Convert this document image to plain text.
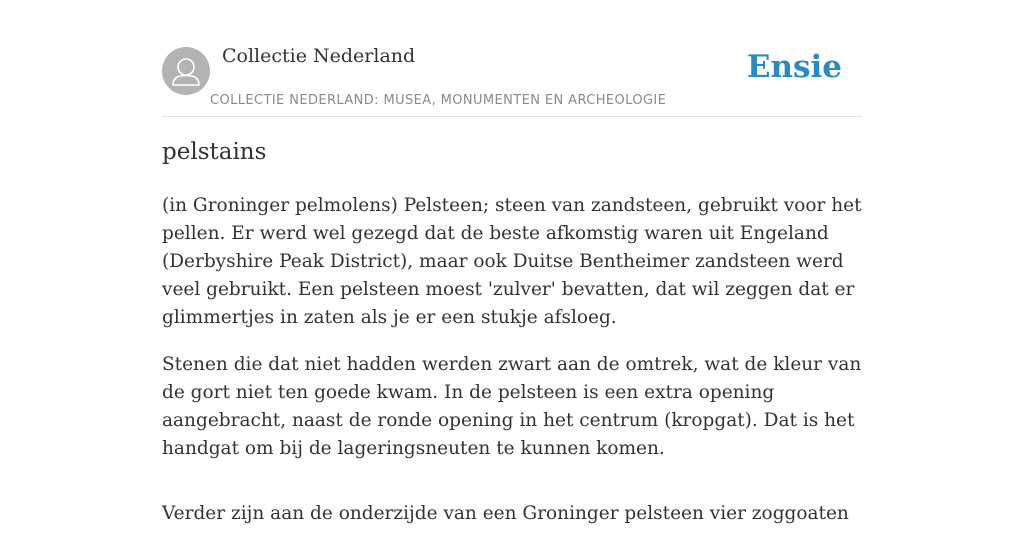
Collectie Nederland
COLLECTIE NEDERLAND: MUSEA, MONUMENTEN EN ARCHEOLOGIE
Ensie
pelstains

(in Groninger pelmolens) Pelsteen; steen van zandsteen, gebruikt voor het pellen. Er werd wel gezegd dat de beste afkomstig waren uit Engeland (Derbyshire Peak District), maar ook Duitse Bentheimer zandsteen werd veel gebruikt. Een pelsteen moest 'zulver' bevatten, dat wil zeggen dat er glimmertjes in zaten als je er een stukje afsloeg.

Stenen die dat niet hadden werden zwart aan de omtrek, wat de kleur van de gort niet ten goede kwam. In de pelsteen is een extra opening aangebracht, naast de ronde opening in het centrum (kropgat). Dat is het handgat om bij de lageringsneuten te kunnen komen.

Verder zijn aan de onderzijde van een Groninger pelsteen vier zoggoaten
